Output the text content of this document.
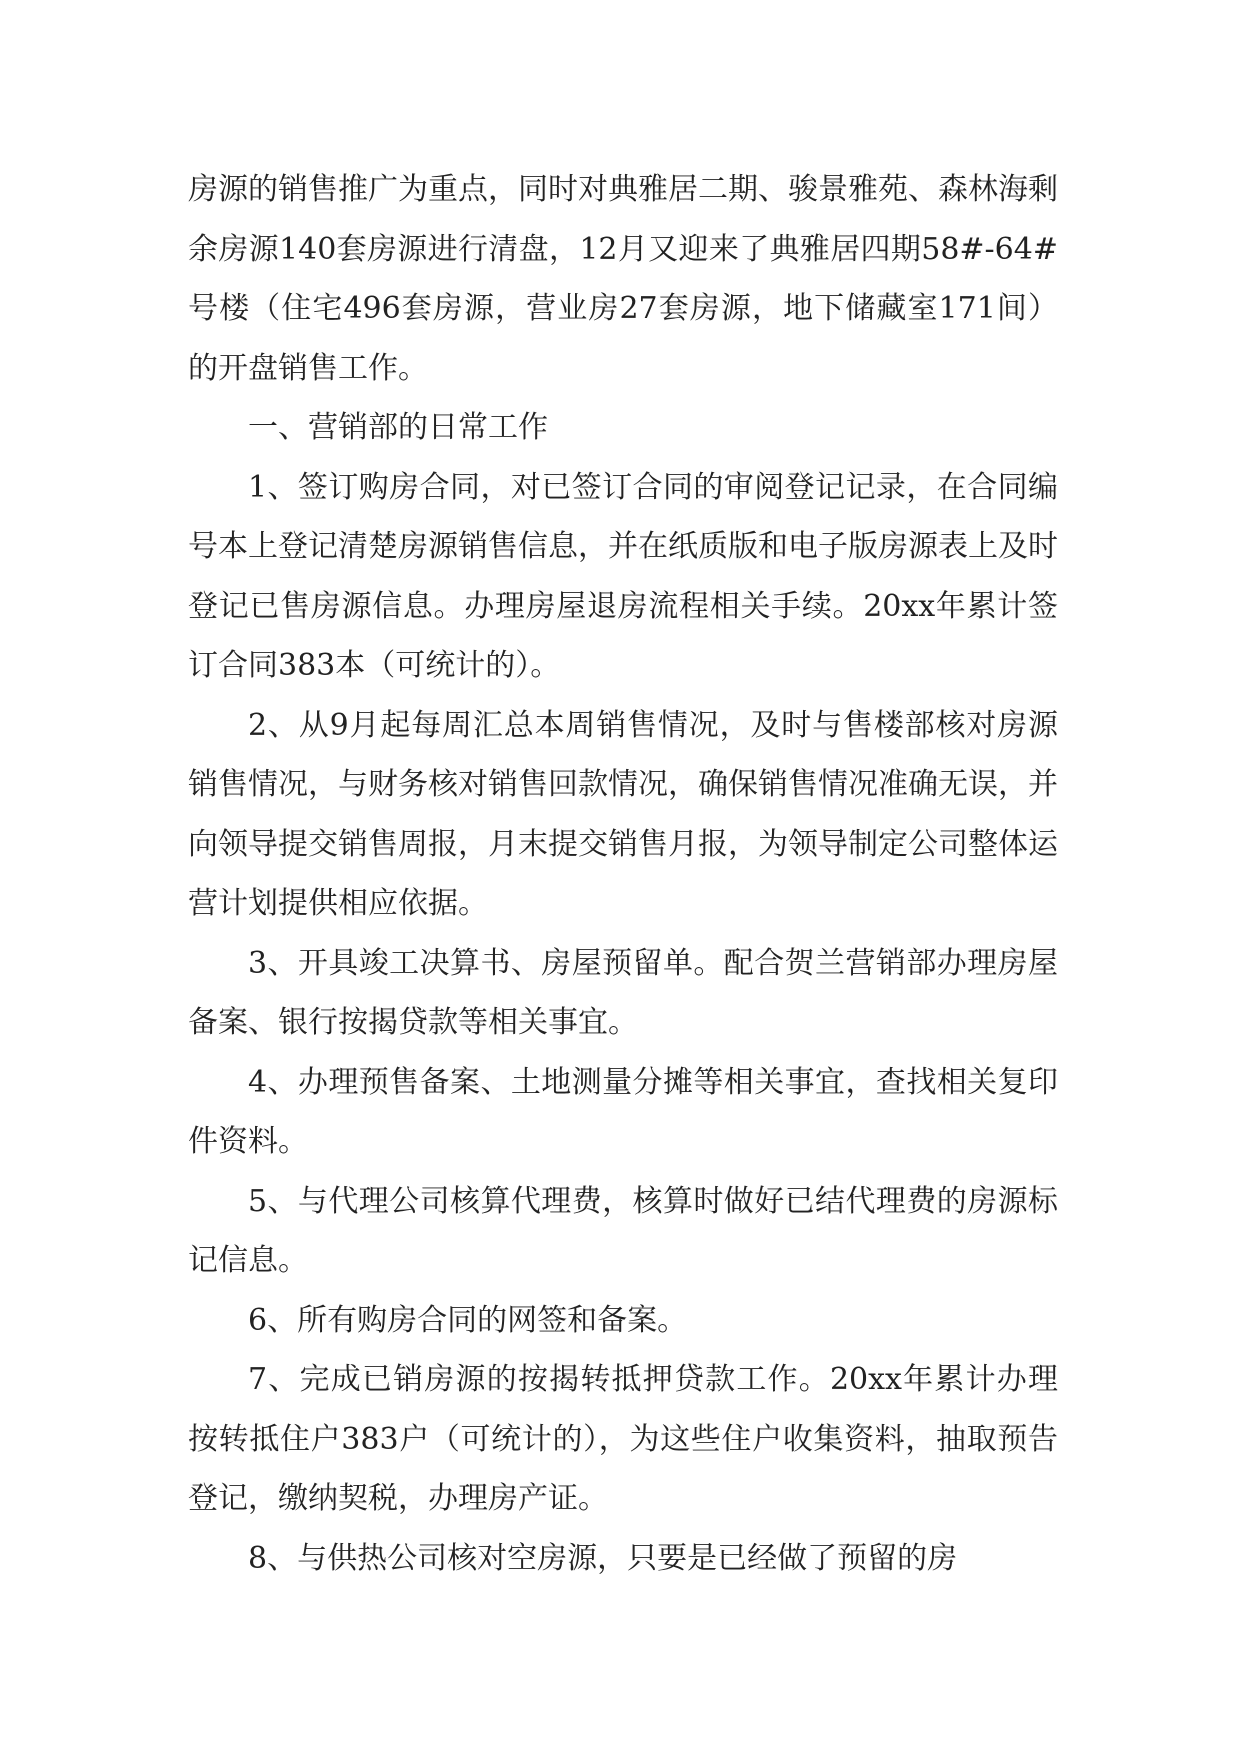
房源的销售推广为重点，同时对典雅居二期、骏景雅苑、森林海剩余房源140套房源进行清盘，12月又迎来了典雅居四期58#-64#号楼（住宅496套房源，营业房27套房源，地下储藏室171间）的开盘销售工作。

一、营销部的日常工作

1、签订购房合同，对已签订合同的审阅登记记录，在合同编号本上登记清楚房源销售信息，并在纸质版和电子版房源表上及时登记已售房源信息。办理房屋退房流程相关手续。20xx年累计签订合同383本（可统计的）。

2、从9月起每周汇总本周销售情况，及时与售楼部核对房源销售情况，与财务核对销售回款情况，确保销售情况准确无误，并向领导提交销售周报，月末提交销售月报，为领导制定公司整体运营计划提供相应依据。

3、开具竣工决算书、房屋预留单。配合贺兰营销部办理房屋备案、银行按揭贷款等相关事宜。

4、办理预售备案、土地测量分摊等相关事宜，查找相关复印件资料。

5、与代理公司核算代理费，核算时做好已结代理费的房源标记信息。

6、所有购房合同的网签和备案。

7、完成已销房源的按揭转抵押贷款工作。20xx年累计办理按转抵住户383户（可统计的），为这些住户收集资料，抽取预告登记，缴纳契税，办理房产证。

8、与供热公司核对空房源，只要是已经做了预留的房
